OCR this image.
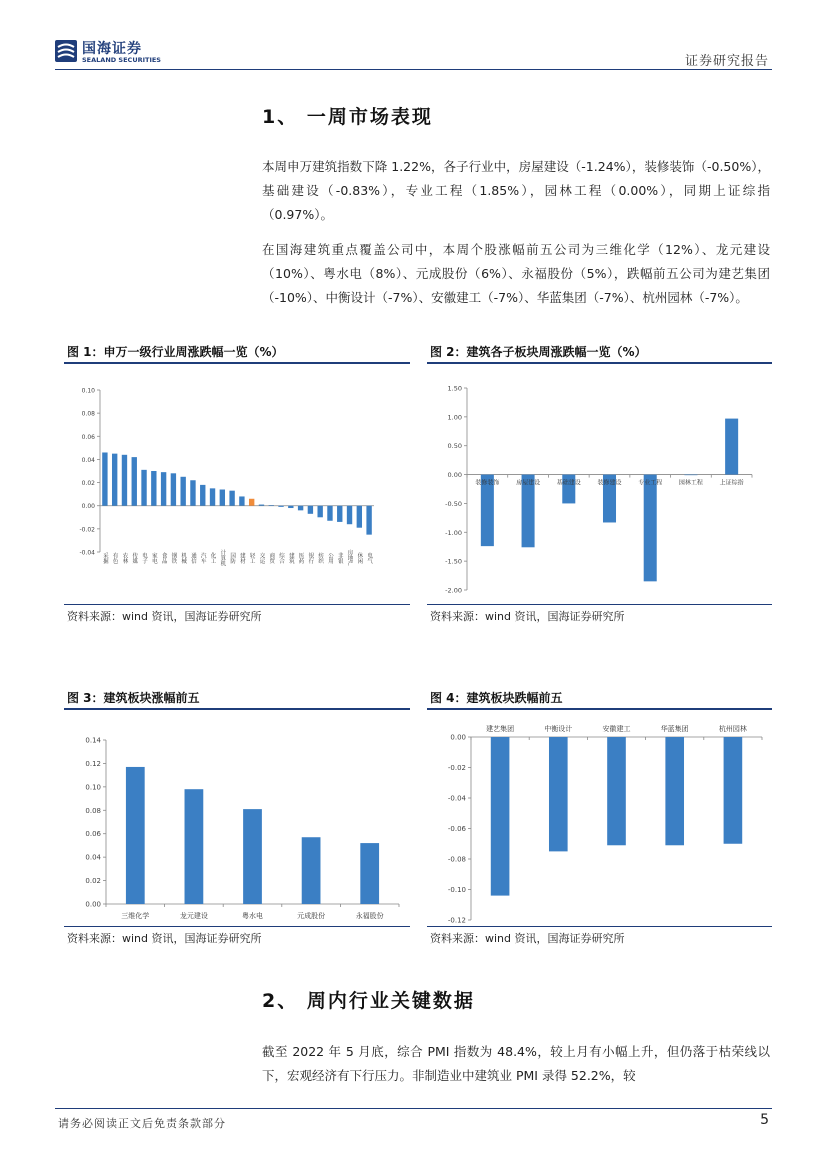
国海证券
SEALAND SECURITIES	证券研究报告
1、 一周市场表现
本周申万建筑指数下降 1.22%，各子行业中，房屋建设（-1.24%），装修装饰（-0.50%），基础建设（-0.83%），专业工程（1.85%），园林工程（0.00%），同期上证综指（0.97%）。
在国海建筑重点覆盖公司中，本周个股涨幅前五公司为三维化学（12%）、龙元建设（10%）、粤水电（8%）、元成股份（6%）、永福股份（5%），跌幅前五公司为建艺集团（-10%）、中衡设计（-7%）、安徽建工（-7%）、华蓝集团（-7%）、杭州园林（-7%）。
图 1：申万一级行业周涨跌幅一览（%）
0.10
0.08
0.06
0.04
0.02
0.00
-0.02
-0.04 采掘 有色 农林 传媒 电子 家电 食品 钢铁 机械 通信 汽车 化工 计算机 国防 建材 轻工 交运 商贸 综合 建筑 医药 银行 纺织 公用 非银 房地产 休闲 电气
资料来源：wind 资讯，国海证券研究所
图 2：建筑各子板块周涨跌幅一览（%）
1.50
1.00
0.50
0.00
-0.50
-1.00
-1.50
-2.00
装修装饰	房屋建设	基础建设	装修建设	专业工程	园林工程	上证综指
资料来源：wind 资讯，国海证券研究所
图 3：建筑板块涨幅前五
0.14
0.12
0.10
0.08
0.06
0.04
0.02
0.00
三维化学	龙元建设	粤水电	元成股份	永福股份
资料来源：wind 资讯，国海证券研究所
图 4：建筑板块跌幅前五
0.00
-0.02
-0.04
-0.06
-0.08
-0.10
-0.12
建艺集团	中衡设计	安徽建工	华蓝集团	杭州园林
资料来源：wind 资讯，国海证券研究所
2、 周内行业关键数据
截至 2022 年 5 月底，综合 PMI 指数为 48.4%，较上月有小幅上升，但仍落于枯荣线以下，宏观经济有下行压力。非制造业中建筑业 PMI 录得 52.2%，较
请务必阅读正文后免责条款部分	5
